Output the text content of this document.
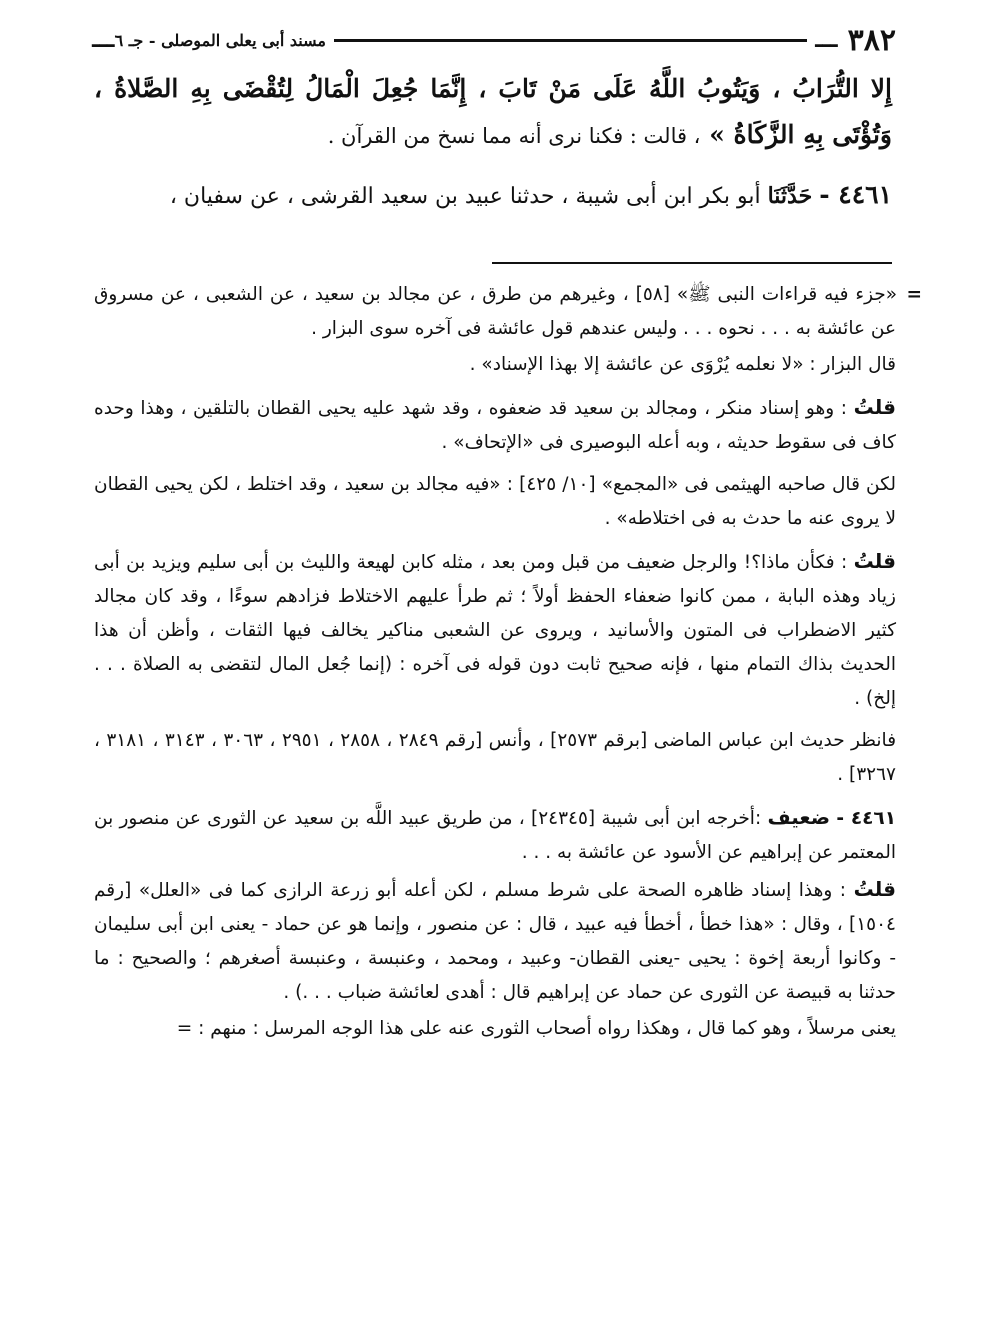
٣٨٢
ـــ
مسند أبى يعلى الموصلى - جـ ٦
ـــ

إِلا التُّرَابُ ، وَيَتُوبُ اللَّهُ عَلَى مَنْ تَابَ ، إِنَّمَا جُعِلَ الْمَالُ لِتُقْضَى بِهِ الصَّلاةُ ، وَتُؤْتَى بِهِ الزَّكَاةُ » ، قالت : فكنا نرى أنه مما نسخ من القرآن .

٤٤٦١ - حَدَّثَنَا أبو بكر ابن أبى شيبة ، حدثنا عبيد بن سعيد القرشى ، عن سفيان ،

= «جزء فيه قراءات النبى ﷺ» [٥٨] ، وغيرهم من طرق ، عن مجالد بن سعيد ، عن الشعبى ، عن مسروق عن عائشة به . . . نحوه . . . وليس عندهم قول عائشة فى آخره سوى البزار .

قال البزار : «لا نعلمه يُرْوَى عن عائشة إلا بهذا الإسناد» .

قلتُ : وهو إسناد منكر ، ومجالد بن سعيد قد ضعفوه ، وقد شهد عليه يحيى القطان بالتلقين ، وهذا وحده كاف فى سقوط حديثه ، وبه أعله البوصيرى فى «الإتحاف» .

لكن قال صاحبه الهيثمى فى «المجمع» [١٠/ ٤٢٥] : «فيه مجالد بن سعيد ، وقد اختلط ، لكن يحيى القطان لا يروى عنه ما حدث به فى اختلاطه» .

قلتُ : فكأن ماذا؟! والرجل ضعيف من قبل ومن بعد ، مثله كابن لهيعة والليث بن أبى سليم ويزيد بن أبى زياد وهذه البابة ، ممن كانوا ضعفاء الحفظ أولاً ؛ ثم طرأ عليهم الاختلاط فزادهم سوءًا ، وقد كان مجالد كثير الاضطراب فى المتون والأسانيد ، ويروى عن الشعبى مناكير يخالف فيها الثقات ، وأظن أن هذا الحديث بذاك التمام منها ، فإنه صحيح ثابت دون قوله فى آخره : (إنما جُعل المال لتقضى به الصلاة . . . إلخ) .

فانظر حديث ابن عباس الماضى [برقم ٢٥٧٣] ، وأنس [رقم ٢٨٤٩ ، ٢٨٥٨ ، ٢٩٥١ ، ٣٠٦٣ ، ٣١٤٣ ، ٣١٨١ ، ٣٢٦٧] .

٤٤٦١ - ضعيف :أخرجه ابن أبى شيبة [٢٤٣٤٥] ، من طريق عبيد اللَّه بن سعيد عن الثورى عن منصور بن المعتمر عن إبراهيم عن الأسود عن عائشة به . . .

قلتُ : وهذا إسناد ظاهره الصحة على شرط مسلم ، لكن أعله أبو زرعة الرازى كما فى «العلل» [رقم ١٥٠٤] ، وقال : «هذا خطأ ، أخطأ فيه عبيد ، قال : عن منصور ، وإنما هو عن حماد - يعنى ابن أبى سليمان - وكانوا أربعة إخوة : يحيى -يعنى القطان- وعبيد ، ومحمد ، وعنبسة ، وعنبسة أصغرهم ؛ والصحيح : ما حدثنا به قبيصة عن الثورى عن حماد عن إبراهيم قال : أهدى لعائشة ضباب . . .) .

يعنى مرسلاً ، وهو كما قال ، وهكذا رواه أصحاب الثورى عنه على هذا الوجه المرسل : منهم : =
